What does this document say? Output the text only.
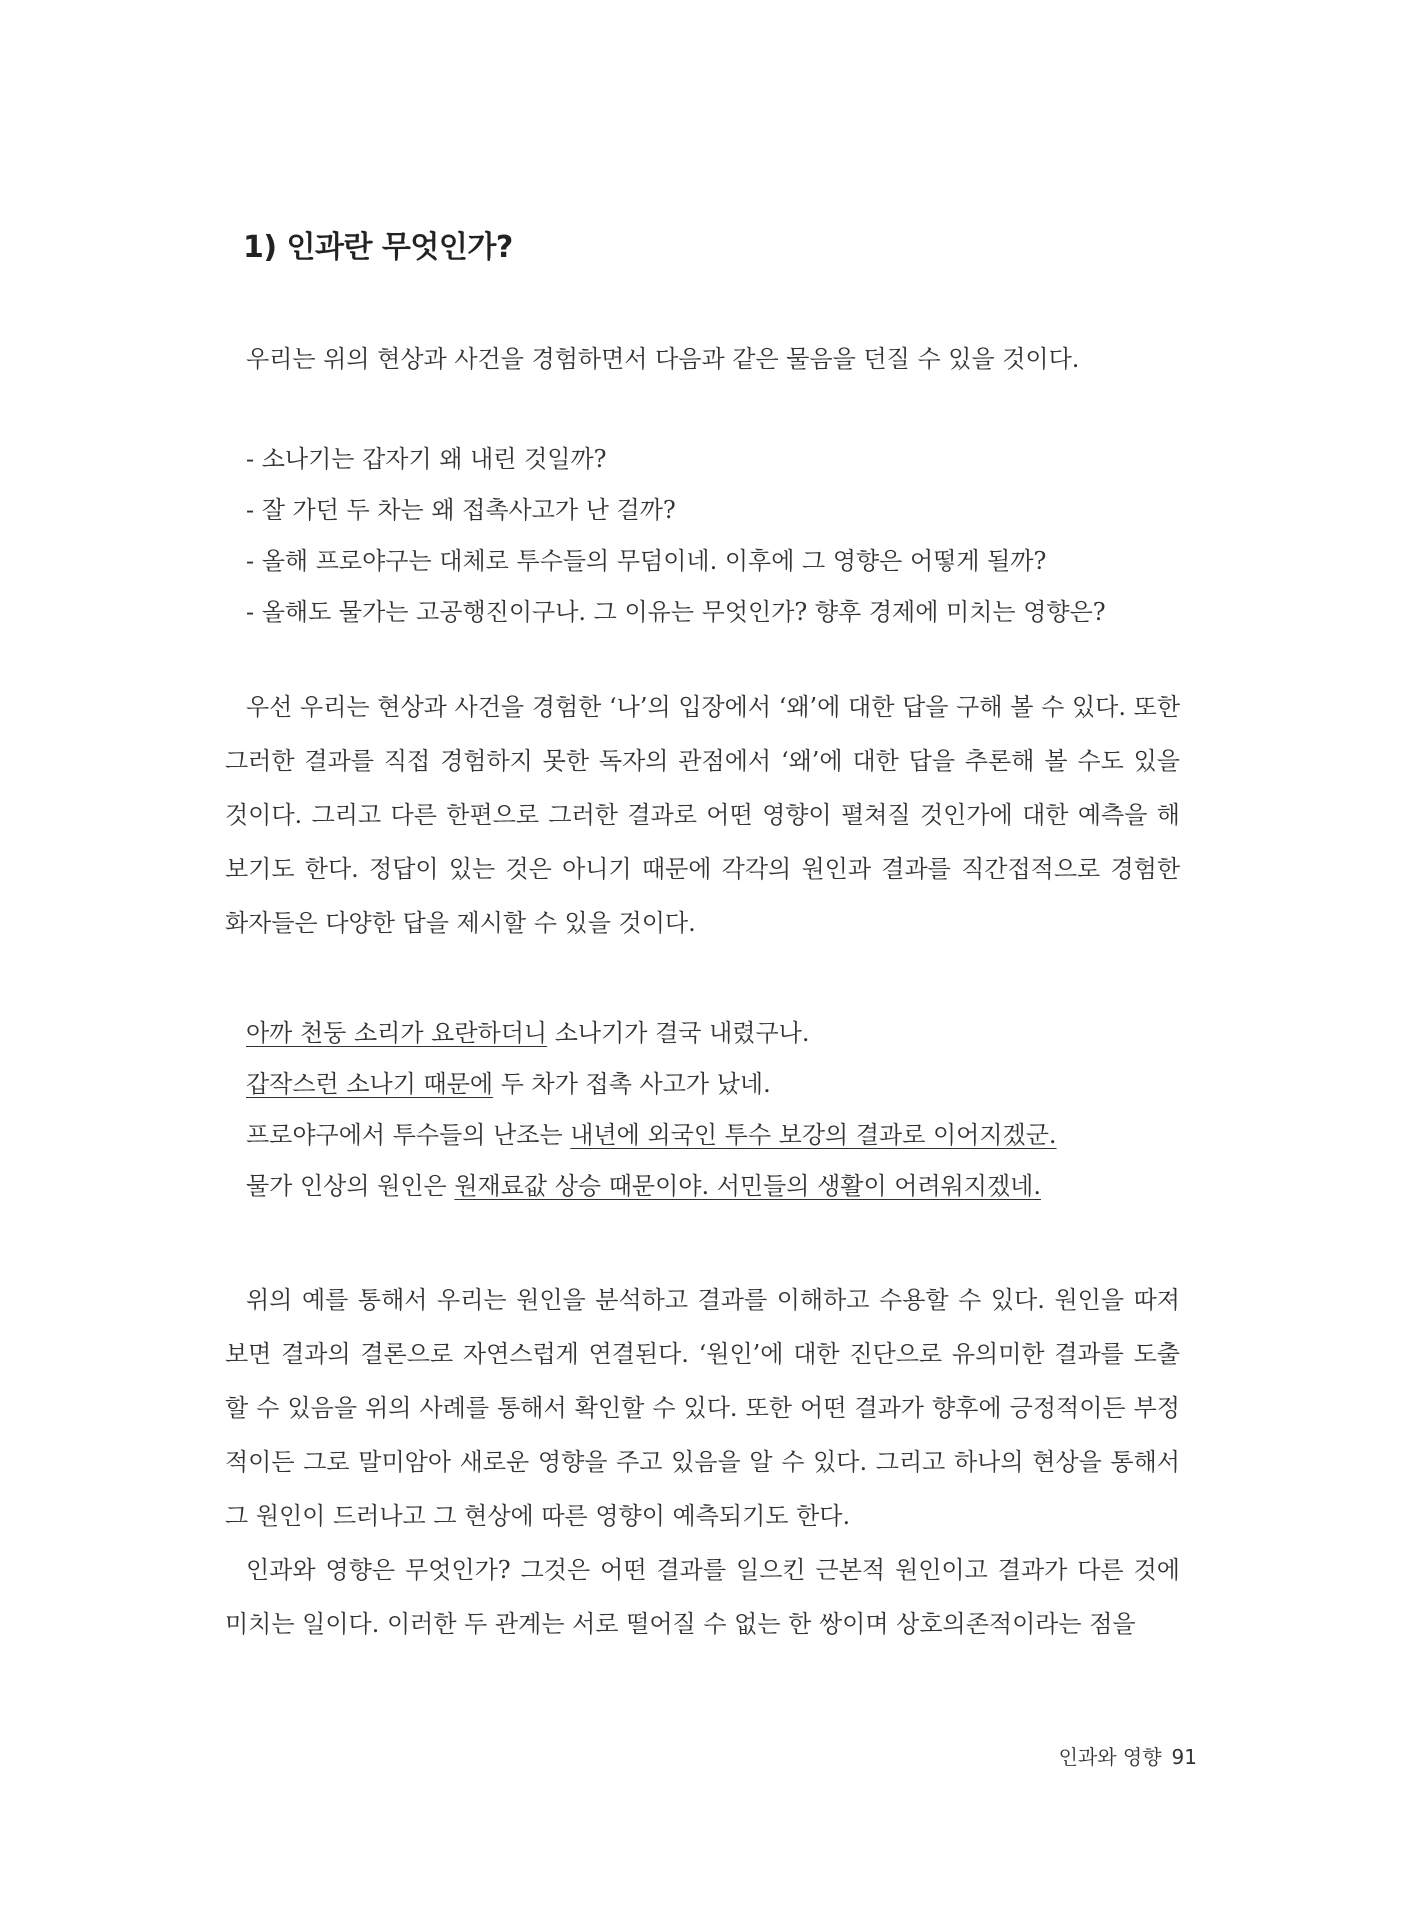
1) 인과란 무엇인가?

우리는 위의 현상과 사건을 경험하면서 다음과 같은 물음을 던질 수 있을 것이다.

- 소나기는 갑자기 왜 내린 것일까?
- 잘 가던 두 차는 왜 접촉사고가 난 걸까?
- 올해 프로야구는 대체로 투수들의 무덤이네. 이후에 그 영향은 어떻게 될까?
- 올해도 물가는 고공행진이구나. 그 이유는 무엇인가? 향후 경제에 미치는 영향은?

우선 우리는 현상과 사건을 경험한 ‘나’의 입장에서 ‘왜’에 대한 답을 구해 볼 수 있다. 또한 그러한 결과를 직접 경험하지 못한 독자의 관점에서 ‘왜’에 대한 답을 추론해 볼 수도 있을 것이다. 그리고 다른 한편으로 그러한 결과로 어떤 영향이 펼쳐질 것인가에 대한 예측을 해 보기도 한다. 정답이 있는 것은 아니기 때문에 각각의 원인과 결과를 직간접적으로 경험한 화자들은 다양한 답을 제시할 수 있을 것이다.

아까 천둥 소리가 요란하더니 소나기가 결국 내렸구나.
갑작스런 소나기 때문에 두 차가 접촉 사고가 났네.
프로야구에서 투수들의 난조는 내년에 외국인 투수 보강의 결과로 이어지겠군.
물가 인상의 원인은 원재료값 상승 때문이야. 서민들의 생활이 어려워지겠네.

위의 예를 통해서 우리는 원인을 분석하고 결과를 이해하고 수용할 수 있다. 원인을 따져 보면 결과의 결론으로 자연스럽게 연결된다. ‘원인’에 대한 진단으로 유의미한 결과를 도출할 수 있음을 위의 사례를 통해서 확인할 수 있다. 또한 어떤 결과가 향후에 긍정적이든 부정적이든 그로 말미암아 새로운 영향을 주고 있음을 알 수 있다. 그리고 하나의 현상을 통해서 그 원인이 드러나고 그 현상에 따른 영향이 예측되기도 한다.

인과와 영향은 무엇인가? 그것은 어떤 결과를 일으킨 근본적 원인이고 결과가 다른 것에 미치는 일이다. 이러한 두 관계는 서로 떨어질 수 없는 한 쌍이며 상호의존적이라는 점을

인과와 영향 91
